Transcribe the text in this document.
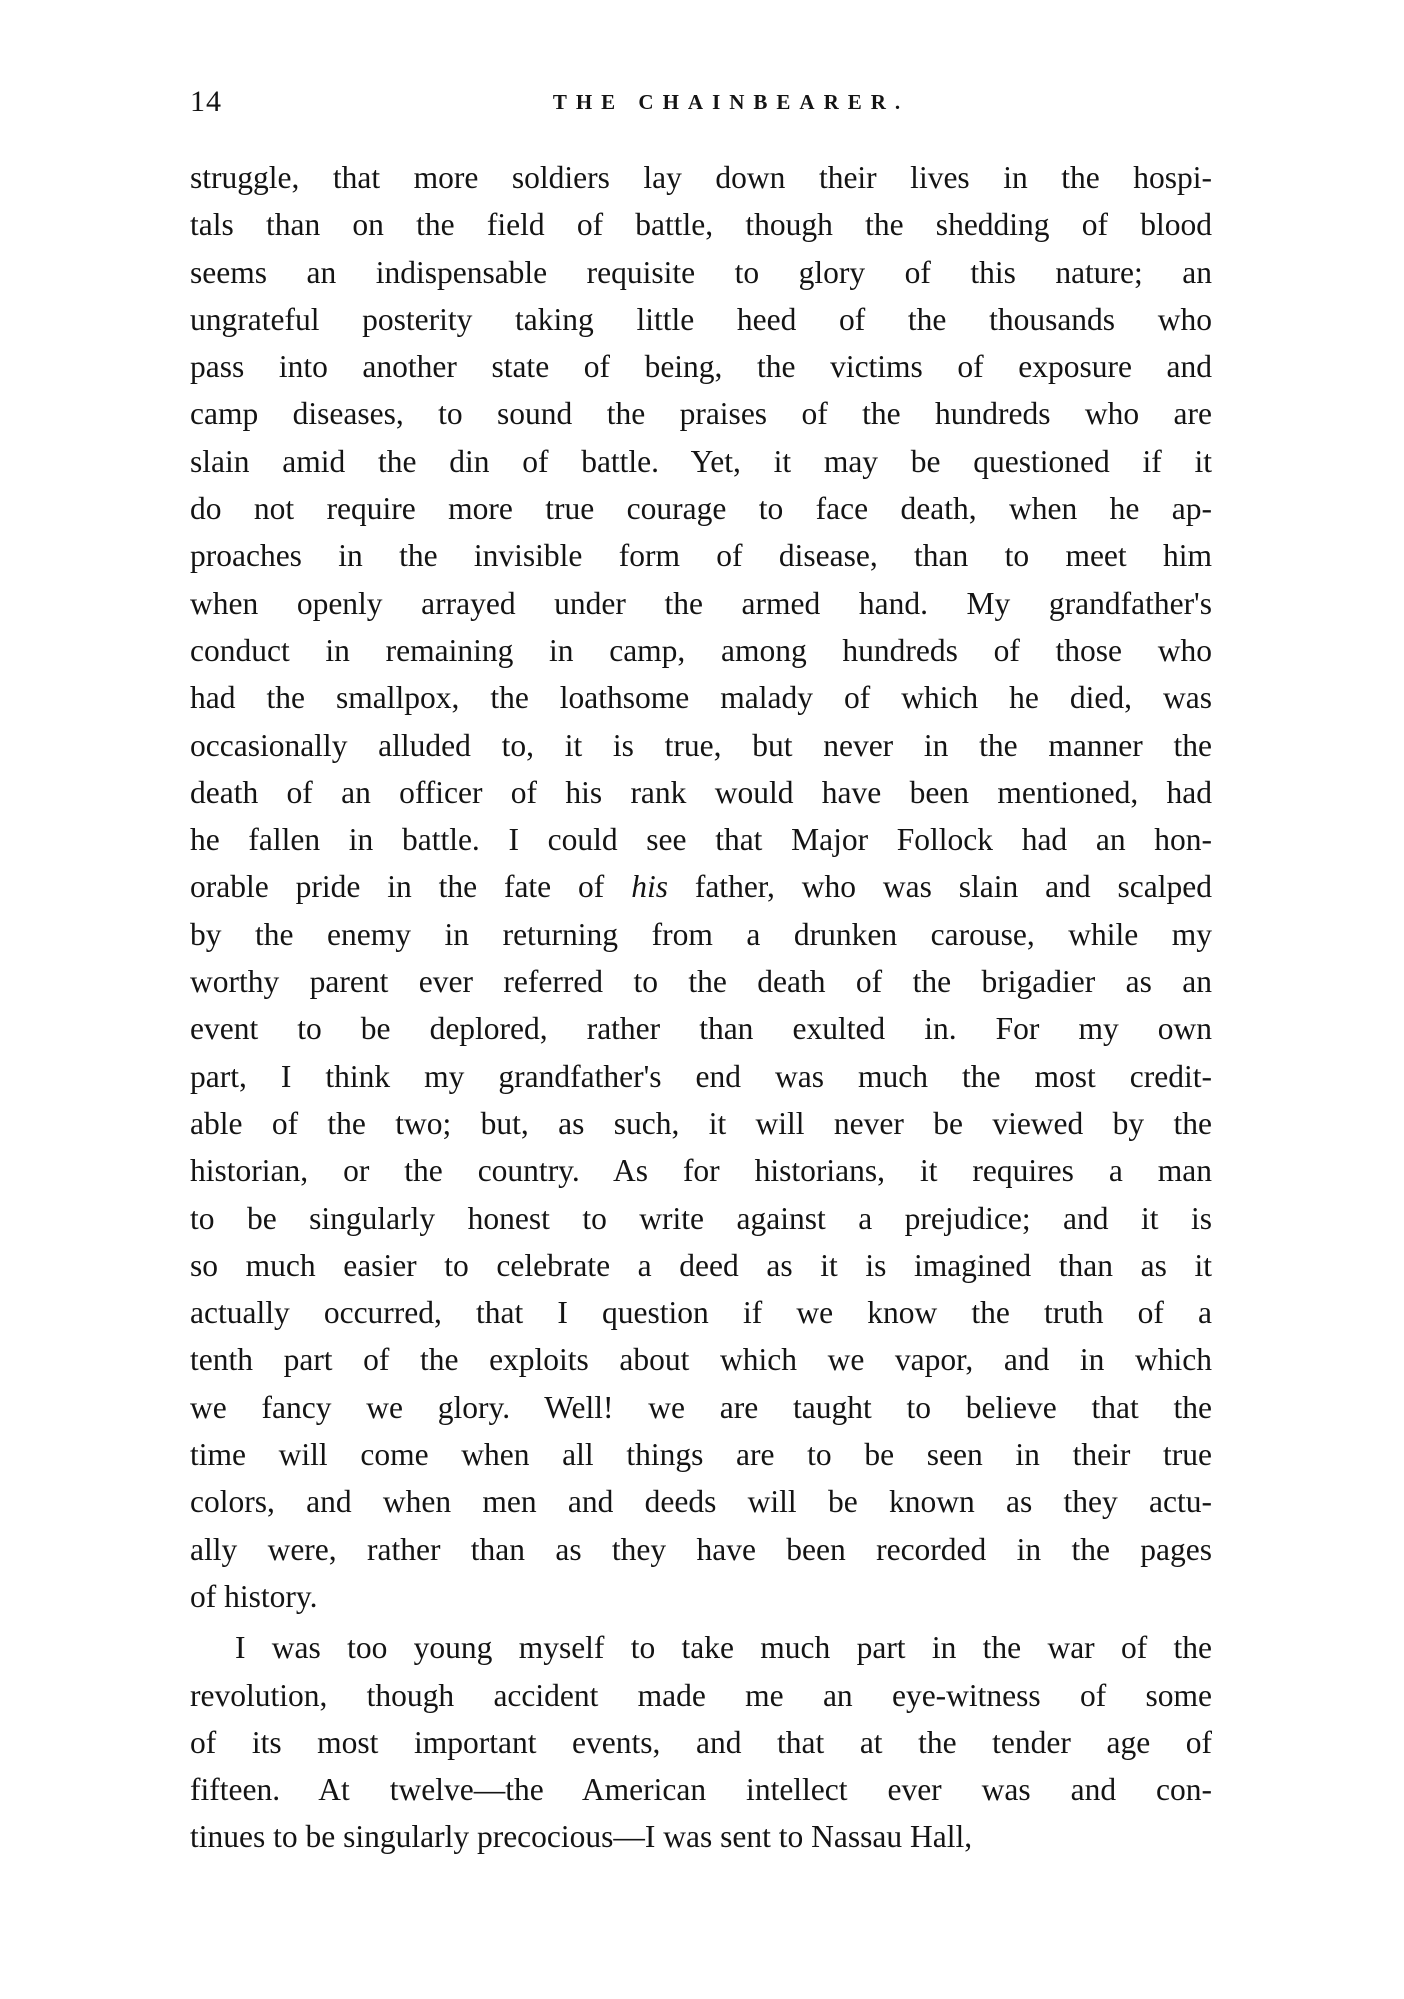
14	THE CHAINBEARER.
struggle, that more soldiers lay down their lives in the hospi-
tals than on the field of battle, though the shedding of blood
seems an indispensable requisite to glory of this nature; an
ungrateful posterity taking little heed of the thousands who
pass into another state of being, the victims of exposure and
camp diseases, to sound the praises of the hundreds who are
slain amid the din of battle. Yet, it may be questioned if it
do not require more true courage to face death, when he ap-
proaches in the invisible form of disease, than to meet him
when openly arrayed under the armed hand. My grandfather's
conduct in remaining in camp, among hundreds of those who
had the smallpox, the loathsome malady of which he died, was
occasionally alluded to, it is true, but never in the manner the
death of an officer of his rank would have been mentioned, had
he fallen in battle. I could see that Major Follock had an hon-
orable pride in the fate of his father, who was slain and scalped
by the enemy in returning from a drunken carouse, while my
worthy parent ever referred to the death of the brigadier as an
event to be deplored, rather than exulted in. For my own
part, I think my grandfather's end was much the most credit-
able of the two; but, as such, it will never be viewed by the
historian, or the country. As for historians, it requires a man
to be singularly honest to write against a prejudice; and it is
so much easier to celebrate a deed as it is imagined than as it
actually occurred, that I question if we know the truth of a
tenth part of the exploits about which we vapor, and in which
we fancy we glory. Well! we are taught to believe that the
time will come when all things are to be seen in their true
colors, and when men and deeds will be known as they actu-
ally were, rather than as they have been recorded in the pages
of history.
I was too young myself to take much part in the war of the
revolution, though accident made me an eye-witness of some
of its most important events, and that at the tender age of
fifteen. At twelve—the American intellect ever was and con-
tinues to be singularly precocious—I was sent to Nassau Hall,
